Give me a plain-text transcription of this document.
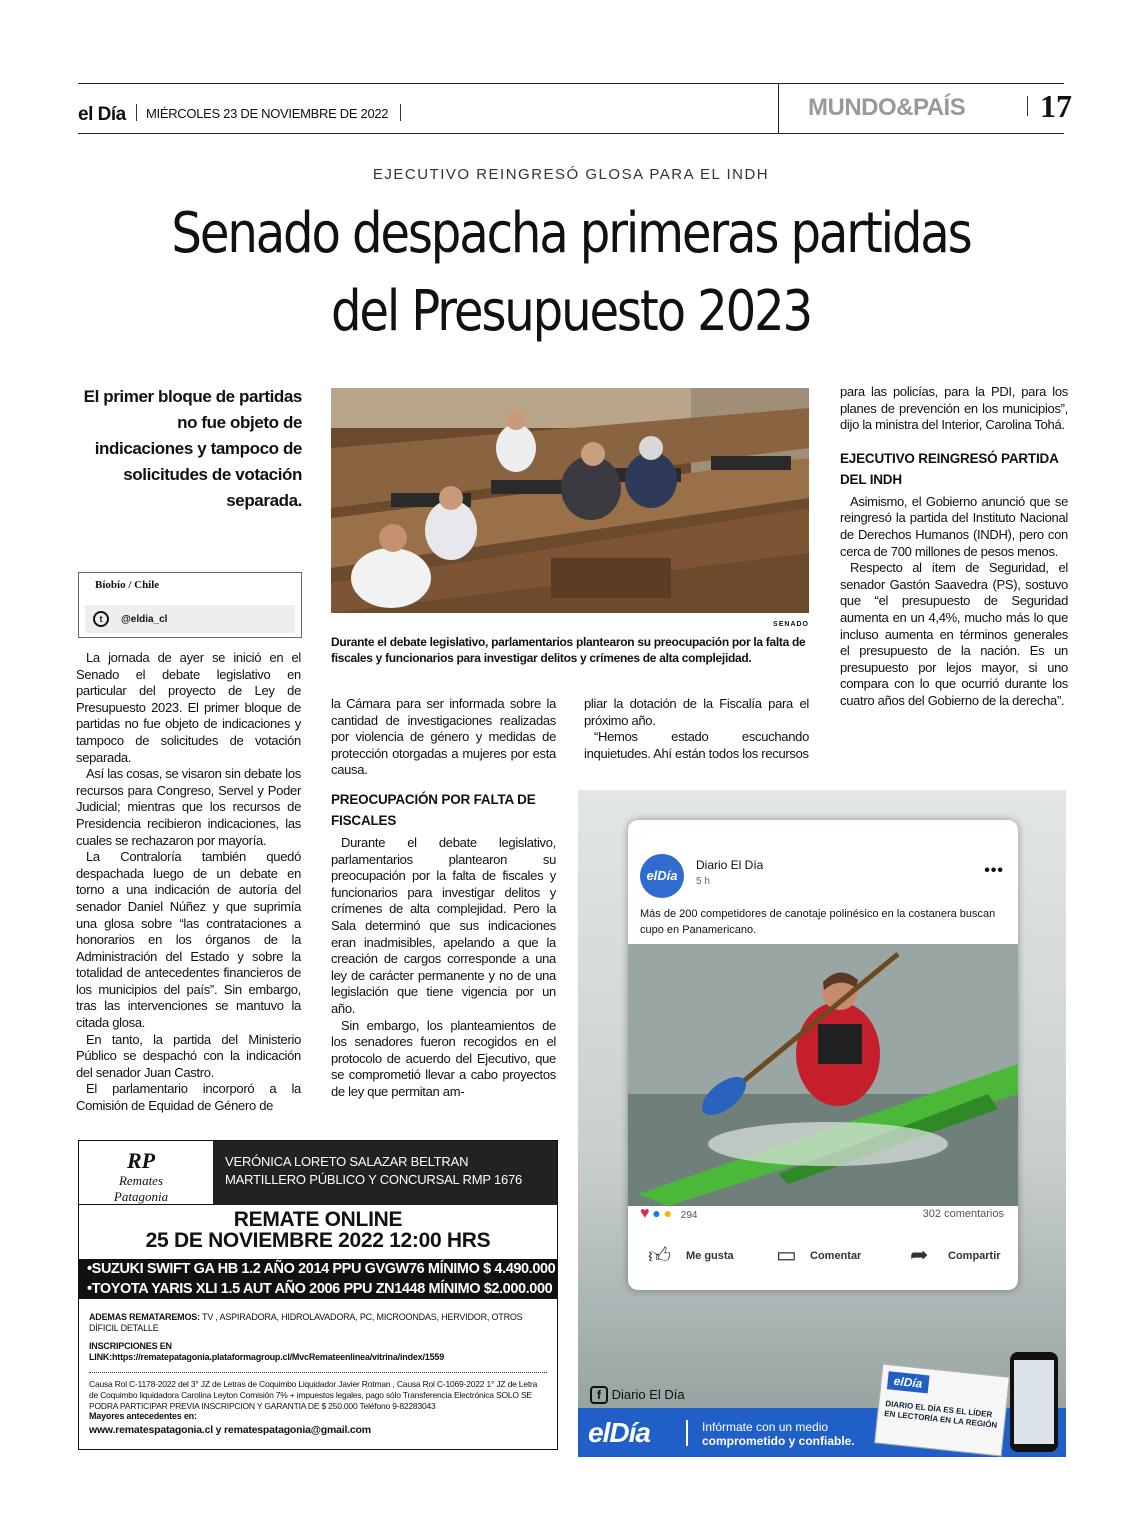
el Día MIÉRCOLES 23 DE NOVIEMBRE DE 2022	MUNDO&PAÍS 17
EJECUTIVO REINGRESÓ GLOSA PARA EL INDH
Senado despacha primeras partidas
del Presupuesto 2023
El primer bloque de partidas no fue objeto de indicaciones y tampoco de solicitudes de votación separada.
Bíobío / Chile
t	@eldia_cl	SENADO
Durante el debate legislativo, parlamentarios plantearon su preocupación por la falta de fiscales y funcionarios para investigar delitos y crímenes de alta complejidad.

La jornada de ayer se inició en el Senado el debate legislativo en particular del proyecto de Ley de Presupuesto 2023. El primer bloque de partidas no fue objeto de indicaciones y tampoco de solicitudes de votación separada.

Así las cosas, se visaron sin debate los recursos para Congreso, Servel y Poder Judicial; mientras que los recursos de Presidencia recibieron indicaciones, las cuales se rechazaron por mayoría.

La Contraloría también quedó despachada luego de un debate en torno a una indicación de autoría del senador Daniel Núñez y que suprimía una glosa sobre “las contrataciones a honorarios en los órganos de la Administración del Estado y sobre la totalidad de antecedentes financieros de los municipios del país”. Sin embargo, tras las intervenciones se mantuvo la citada glosa.

En tanto, la partida del Ministerio Público se despachó con la indicación del senador Juan Castro.

El parlamentario incorporó a la Comisión de Equidad de Género de

la Cámara para ser informada sobre la cantidad de investigaciones realizadas por violencia de género y medidas de protección otorgadas a mujeres por esta causa.

PREOCUPACIÓN POR FALTA DE FISCALES

Durante el debate legislativo, parlamentarios plantearon su preocupación por la falta de fiscales y funcionarios para investigar delitos y crímenes de alta complejidad. Pero la Sala determinó que sus indicaciones eran inadmisibles, apelando a que la creación de cargos corresponde a una ley de carácter permanente y no de una legislación que tiene vigencia por un año.

Sin embargo, los planteamientos de los senadores fueron recogidos en el protocolo de acuerdo del Ejecutivo, que se comprometió llevar a cabo proyectos de ley que permitan am-

pliar la dotación de la Fiscalía para el próximo año.

“Hemos estado escuchando inquietudes. Ahí están todos los recursos

para las policías, para la PDI, para los planes de prevención en los municipios”, dijo la ministra del Interior, Carolina Tohá.

EJECUTIVO REINGRESÓ PARTIDA DEL INDH

Asimismo, el Gobierno anunció que se reingresó la partida del Instituto Nacional de Derechos Humanos (INDH), pero con cerca de 700 millones de pesos menos.

Respecto al ítem de Seguridad, el senador Gastón Saavedra (PS), sostuvo que “el presupuesto de Seguridad aumenta en un 4,4%, mucho más lo que incluso aumenta en términos generales el presupuesto de la nación. Es un presupuesto por lejos mayor, si uno compara con lo que ocurrió durante los cuatro años del Gobierno de la derecha”.

RP
Remates Patagonia
VERÓNICA LORETO SALAZAR BELTRAN
MARTILLERO PÚBLICO Y CONCURSAL RMP 1676
REMATE ONLINE
25 DE NOVIEMBRE 2022 12:00 HRS
•SUZUKI SWIFT GA HB 1.2 AÑO 2014 PPU GVGW76 MÍNIMO $ 4.490.000
•TOYOTA YARIS XLI 1.5 AUT AÑO 2006 PPU ZN1448 MÍNIMO $2.000.000
ADEMAS REMATAREMOS: TV , ASPIRADORA, HIDROLAVADORA, PC, MICROONDAS, HERVIDOR, OTROS DÍFICIL DETALLE
INSCRIPCIONES EN
LINK:https://rematepatagonia.plataformagroup.cl/MvcRemateenlinea/vitrina/index/1559
Causa Rol C-1178-2022 del 3° JZ de Letras de Coquimbo Liquidador Javier Rotman , Causa Rol C-1069-2022 1° JZ de Letra de Coquimbo liquidadora Carolina Leyton Comisión 7% + impuestos legales, pago sólo Transferencia Electrónica SOLO SE PODRA PARTICIPAR PREVIA INSCRIPCION Y GARANTIA DE $ 250.000 Teléfono 9-82283043
Mayores antecedentes en:
www.rematespatagonia.cl y rematespatagonia@gmail.com
elDía
Diario El Día
5 h
•••
Más de 200 competidores de canotaje polinésico en la costanera buscan cupo en Panamericano.
♥ ● ● 294	302 comentarios
👍︎ Me gusta ▭ Comentar ➦ Compartir
f Diario El Día
elDía	Infórmate con un medio
comprometido y confiable.
elDía
DIARIO EL DÍA ES EL LÍDER EN LECTORÍA EN LA REGIÓN
